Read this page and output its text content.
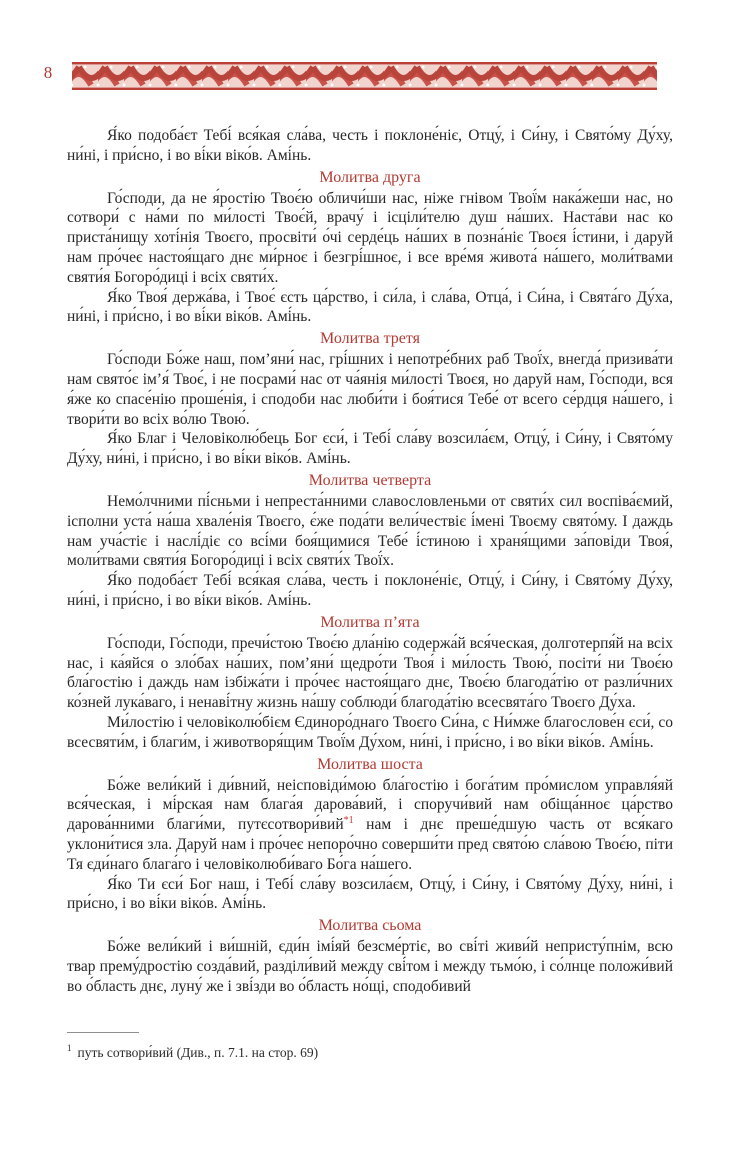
8

Я́ко подоба́єт Тебі́ вся́кая сла́ва, честь і поклоне́ніє, Отцу́, і Си́ну, і Свято́му Ду́ху, ни́ні, і при́сно, і во ві́ки віко́в. Амі́нь.

Молитва друга

Го́споди, да не я́ростію Твоє́ю обличи́ши нас, ніже гнівом Твої́м нака́жеши нас, но сотвори́ с на́ми по ми́лості Твоє́й, врачу́ і ісціли́телю душ на́ших. Наста́ви нас ко приста́нищу хоті́нія Твоєго, просвіти́ о́чі серде́ць на́ших в позна́ніє Твоєя і́стини, і даруй нам про́чеє настоя́щаго днє ми́рноє і безгрі́шноє, і все вре́мя живота́ на́шего, моли́твами святи́я Богоро́диці і всіх святи́х.

Я́ко Твоя́ держа́ва, і Твоє́ єсть ца́рство, і си́ла, і сла́ва, Отца́, і Си́на, і Свята́го Ду́ха, ни́ні, і при́сно, і во ві́ки віко́в. Амі́нь.

Молитва третя

Го́споди Бо́же наш, пом’яни́ нас, грі́шних і непотре́бних раб Твої́х, внегда́ призива́ти нам свято́є ім’я́ Твоє́, і не посрами́ нас от ча́янія ми́лості Твоєя, но даруй нам, Го́споди, вся я́же ко спасе́нію проше́нія, і сподоби нас люби́ти і боя́тися Тебе́ от всего се́рдця на́шего, і твори́ти во всіх во́лю Твою́.

Я́ко Благ і Человіколю́бець Бог єси́, і Тебі́ сла́ву возсила́єм, Отцу́, і Си́ну, і Свято́му Ду́ху, ни́ні, і при́сно, і во ві́ки віко́в. Амі́нь.

Молитва четверта

Немо́лчними пі́сньми і непреста́нними славословленьми от святи́х сил воспіва́ємий, ісполни уста́ на́ша хвале́нія Твоєго, є́же пода́ти вели́чествіє і́мені Твоєму свято́му. І даждь нам уча́стіє і наслі́діє со всі́ми боя́щимися Тебе́ і́стиною і храня́щими за́повіди Твоя́, моли́твами святи́я Богоро́диці і всіх святи́х Твої́х.

Я́ко подоба́єт Тебі́ вся́кая сла́ва, честь і поклоне́ніє, Отцу́, і Си́ну, і Свято́му Ду́ху, ни́ні, і при́сно, і во ві́ки віко́в. Амі́нь.

Молитва п’ята

Го́споди, Го́споди, пречи́стою Твоє́ю дла́нію содержа́й вся́ческая, долготерпя́й на всіх нас, і ка́яйся о зло́бах на́ших, пом’яни́ щедро́ти Твоя́ і ми́лость Твою́, посіти́ ни Твоє́ю бла́гостію і даждь нам ізбіжа́ти і про́чеє настоя́щаго днє, Твоє́ю благода́тію от разли́чних ко́зней лука́ваго, і ненаві́тну жизнь на́шу соблюди́ благода́тію всесвята́го Твоєго Ду́ха.

Ми́лостію і человіколю́бієм Єдиноро́днаго Твоєго Си́на, с Ни́мже благослове́н єси́, со всесвяти́м, і благи́м, і животворя́щим Твої́м Ду́хом, ни́ні, і при́сно, і во ві́ки віко́в. Амі́нь.

Молитва шоста

Бо́же вели́кий і ди́вний, неісповіди́мою бла́гостію і бога́тим про́мислом управля́яй вся́ческая, і мі́рская нам блага́я дарова́вий, і споручи́вий нам обіща́нноє ца́рство дарова́нними благи́ми, путєсотвори́вий$^{*1}$ нам і днє преше́дшую часть от вся́каго уклони́тися зла. Даруй нам і про́чеє непоро́чно соверши́ти пред свято́ю сла́вою Твоє́ю, піти Тя єди́наго блага́го і человіколюби́ваго Бо́га на́шего.

Я́ко Ти єси́ Бог наш, і Тебі́ сла́ву возсила́єм, Отцу́, і Си́ну, і Свято́му Ду́ху, ни́ні, і при́сно, і во ві́ки віко́в. Амі́нь.

Молитва сьома

Бо́же вели́кий і ви́шній, єди́н імі́яй безсме́ртіє, во сві́ті живи́й непристу́пнім, всю твар прему́дростію созда́вий, разділи́вий между сві́том і между тьмо́ю, і со́лнце положи́вий во о́бласть днє, луну́ же і зві́зди во о́бласть но́щі, сподобивий

$^1$ путь сотвори́вий (Див., п. 7.1. на стор. 69)
